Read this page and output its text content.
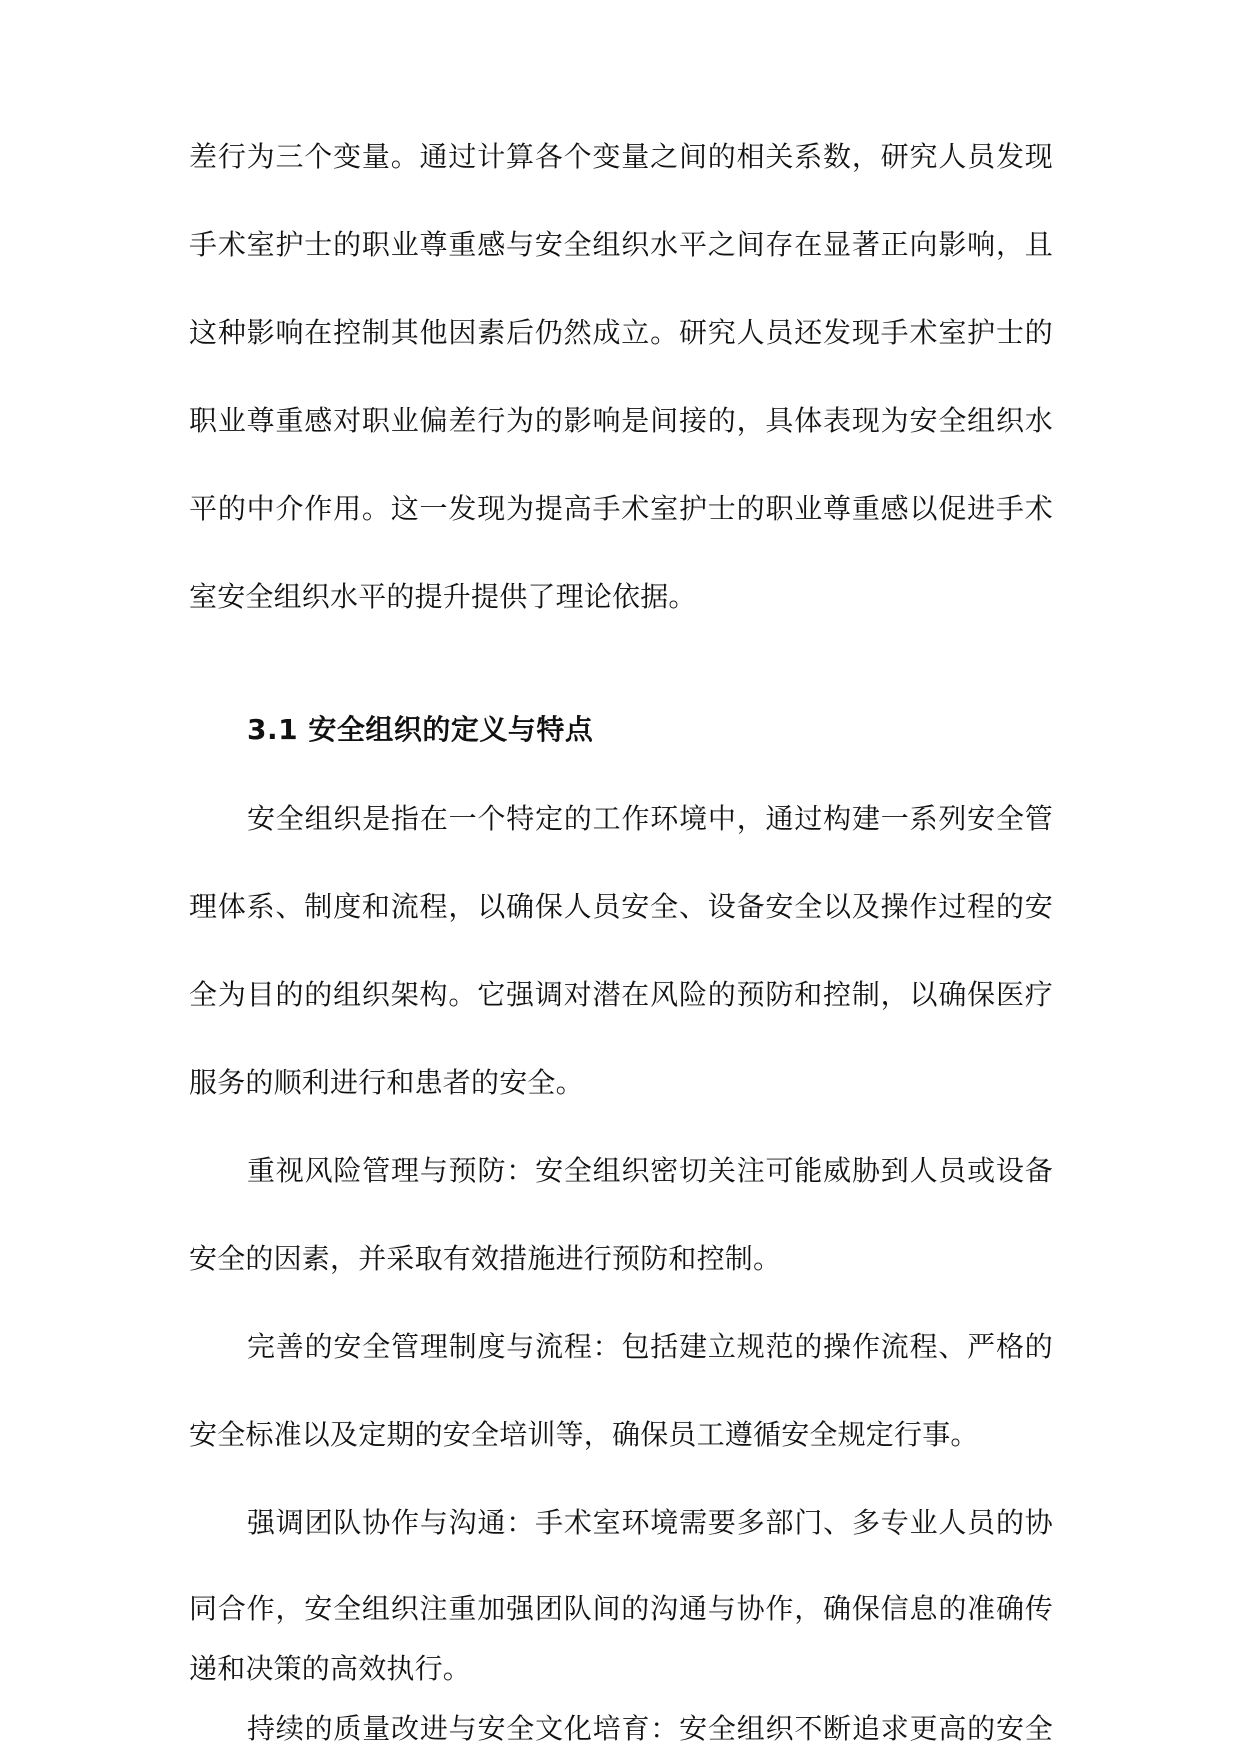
差行为三个变量。通过计算各个变量之间的相关系数，研究人员发现
手术室护士的职业尊重感与安全组织水平之间存在显著正向影响，且
这种影响在控制其他因素后仍然成立。研究人员还发现手术室护士的
职业尊重感对职业偏差行为的影响是间接的，具体表现为安全组织水
平的中介作用。这一发现为提高手术室护士的职业尊重感以促进手术
室安全组织水平的提升提供了理论依据。
3.1 安全组织的定义与特点
安全组织是指在一个特定的工作环境中，通过构建一系列安全管
理体系、制度和流程，以确保人员安全、设备安全以及操作过程的安
全为目的的组织架构。它强调对潜在风险的预防和控制，以确保医疗
服务的顺利进行和患者的安全。
重视风险管理与预防：安全组织密切关注可能威胁到人员或设备
安全的因素，并采取有效措施进行预防和控制。
完善的安全管理制度与流程：包括建立规范的操作流程、严格的
安全标准以及定期的安全培训等，确保员工遵循安全规定行事。
强调团队协作与沟通：手术室环境需要多部门、多专业人员的协
同合作，安全组织注重加强团队间的沟通与协作，确保信息的准确传
递和决策的高效执行。
持续的质量改进与安全文化培育：安全组织不断追求更高的安全
